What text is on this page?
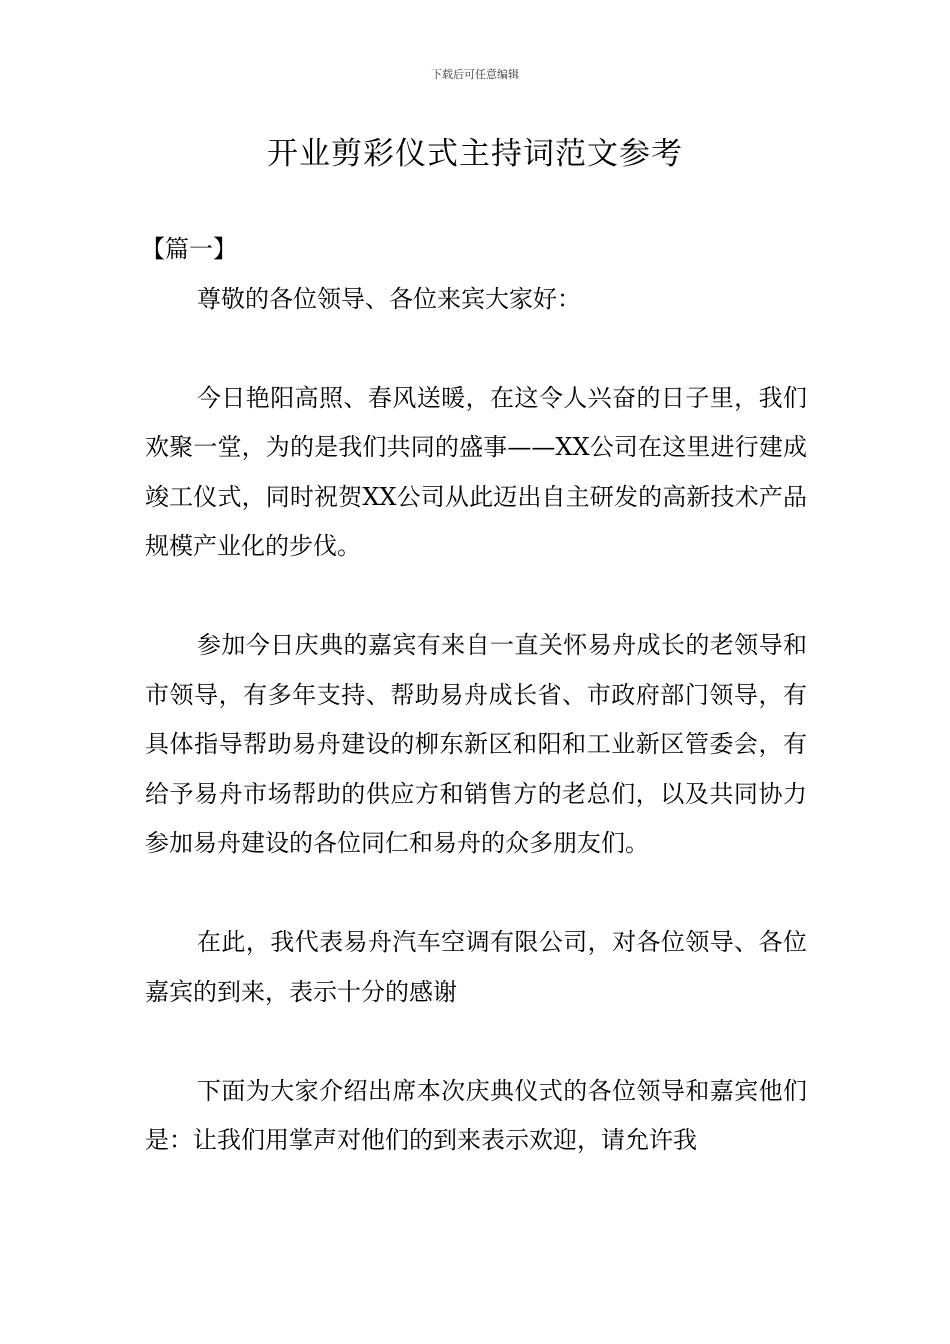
下载后可任意编辑
开业剪彩仪式主持词范文参考

【篇一】

尊敬的各位领导、各位来宾大家好：

今日艳阳高照、春风送暖，在这令人兴奋的日子里，我们欢聚一堂，为的是我们共同的盛事——XX公司在这里进行建成竣工仪式，同时祝贺XX公司从此迈出自主研发的高新技术产品规模产业化的步伐。

参加今日庆典的嘉宾有来自一直关怀易舟成长的老领导和市领导，有多年支持、帮助易舟成长省、市政府部门领导，有具体指导帮助易舟建设的柳东新区和阳和工业新区管委会，有给予易舟市场帮助的供应方和销售方的老总们，以及共同协力参加易舟建设的各位同仁和易舟的众多朋友们。

在此，我代表易舟汽车空调有限公司，对各位领导、各位嘉宾的到来，表示十分的感谢

下面为大家介绍出席本次庆典仪式的各位领导和嘉宾他们是：让我们用掌声对他们的到来表示欢迎，请允许我
